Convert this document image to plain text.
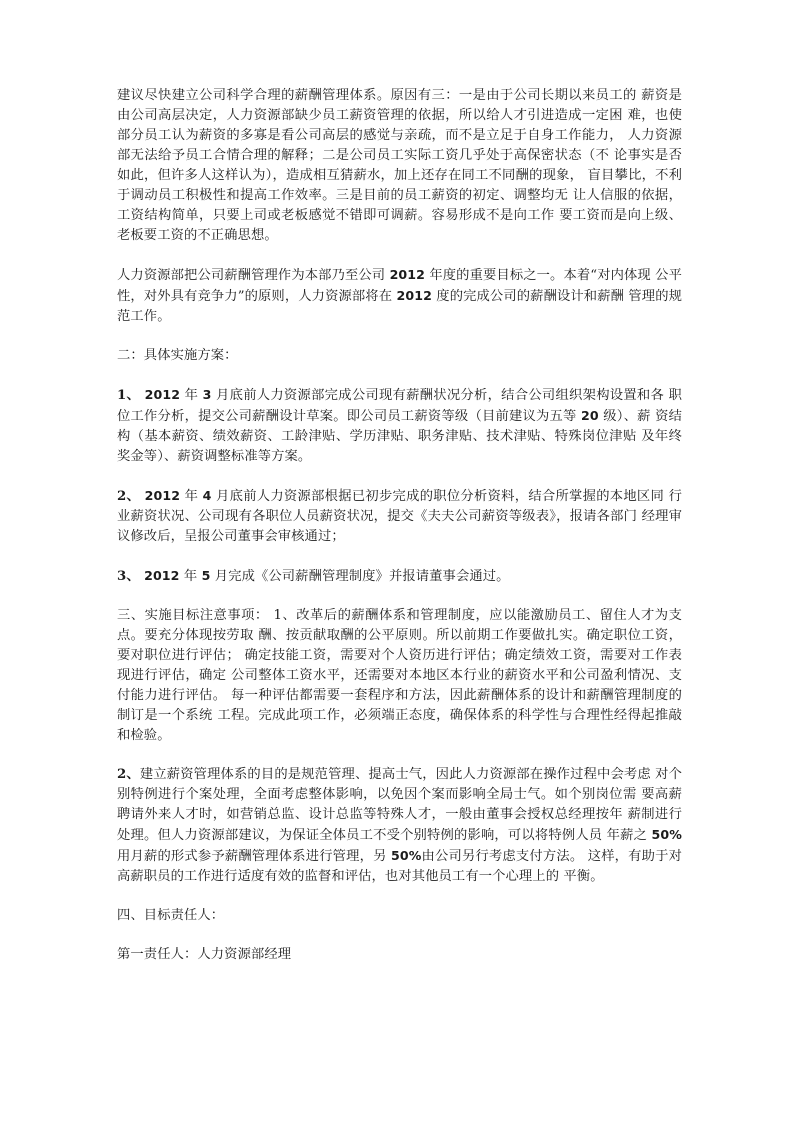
建议尽快建立公司科学合理的薪酬管理体系。原因有三：一是由于公司长期以来员工的 薪资是由公司高层决定，人力资源部缺少员工薪资管理的依据，所以给人才引进造成一定困 难，也使部分员工认为薪资的多寡是看公司高层的感觉与亲疏，而不是立足于自身工作能力， 人力资源部无法给予员工合情合理的解释；二是公司员工实际工资几乎处于高保密状态（不 论事实是否如此，但许多人这样认为），造成相互猜薪水，加上还存在同工不同酬的现象， 盲目攀比，不利于调动员工积极性和提高工作效率。三是目前的员工薪资的初定、调整均无 让人信服的依据，工资结构简单，只要上司或老板感觉不错即可调薪。容易形成不是向工作 要工资而是向上级、老板要工资的不正确思想。

人力资源部把公司薪酬管理作为本部乃至公司 2012 年度的重要目标之一。本着“对内体现 公平性，对外具有竞争力”的原则，人力资源部将在 2012 度的完成公司的薪酬设计和薪酬 管理的规范工作。

二：具体实施方案：

1、 2012 年 3 月底前人力资源部完成公司现有薪酬状况分析，结合公司组织架构设置和各 职位工作分析，提交公司薪酬设计草案。即公司员工薪资等级（目前建议为五等 20 级）、薪 资结构（基本薪资、绩效薪资、工龄津贴、学历津贴、职务津贴、技术津贴、特殊岗位津贴 及年终奖金等）、薪资调整标准等方案。

2、 2012 年 4 月底前人力资源部根据已初步完成的职位分析资料，结合所掌握的本地区同 行业薪资状况、公司现有各职位人员薪资状况，提交《夫夫公司薪资等级表》，报请各部门 经理审议修改后，呈报公司董事会审核通过；

3、 2012 年 5 月完成《公司薪酬管理制度》并报请董事会通过。

三、实施目标注意事项： 1、改革后的薪酬体系和管理制度，应以能激励员工、留住人才为支点。要充分体现按劳取 酬、按贡献取酬的公平原则。所以前期工作要做扎实。确定职位工资，要对职位进行评估； 确定技能工资，需要对个人资历进行评估；确定绩效工资，需要对工作表现进行评估，确定 公司整体工资水平，还需要对本地区本行业的薪资水平和公司盈利情况、支付能力进行评估。 每一种评估都需要一套程序和方法，因此薪酬体系的设计和薪酬管理制度的制订是一个系统 工程。完成此项工作，必须端正态度，确保体系的科学性与合理性经得起推敲和检验。

2、建立薪资管理体系的目的是规范管理、提高士气，因此人力资源部在操作过程中会考虑 对个别特例进行个案处理，全面考虑整体影响，以免因个案而影响全局士气。如个别岗位需 要高薪聘请外来人才时，如营销总监、设计总监等特殊人才，一般由董事会授权总经理按年 薪制进行处理。但人力资源部建议，为保证全体员工不受个别特例的影响，可以将特例人员 年薪之 50%用月薪的形式参予薪酬管理体系进行管理，另 50%由公司另行考虑支付方法。 这样，有助于对高薪职员的工作进行适度有效的监督和评估，也对其他员工有一个心理上的 平衡。

四、目标责任人：

第一责任人：人力资源部经理
